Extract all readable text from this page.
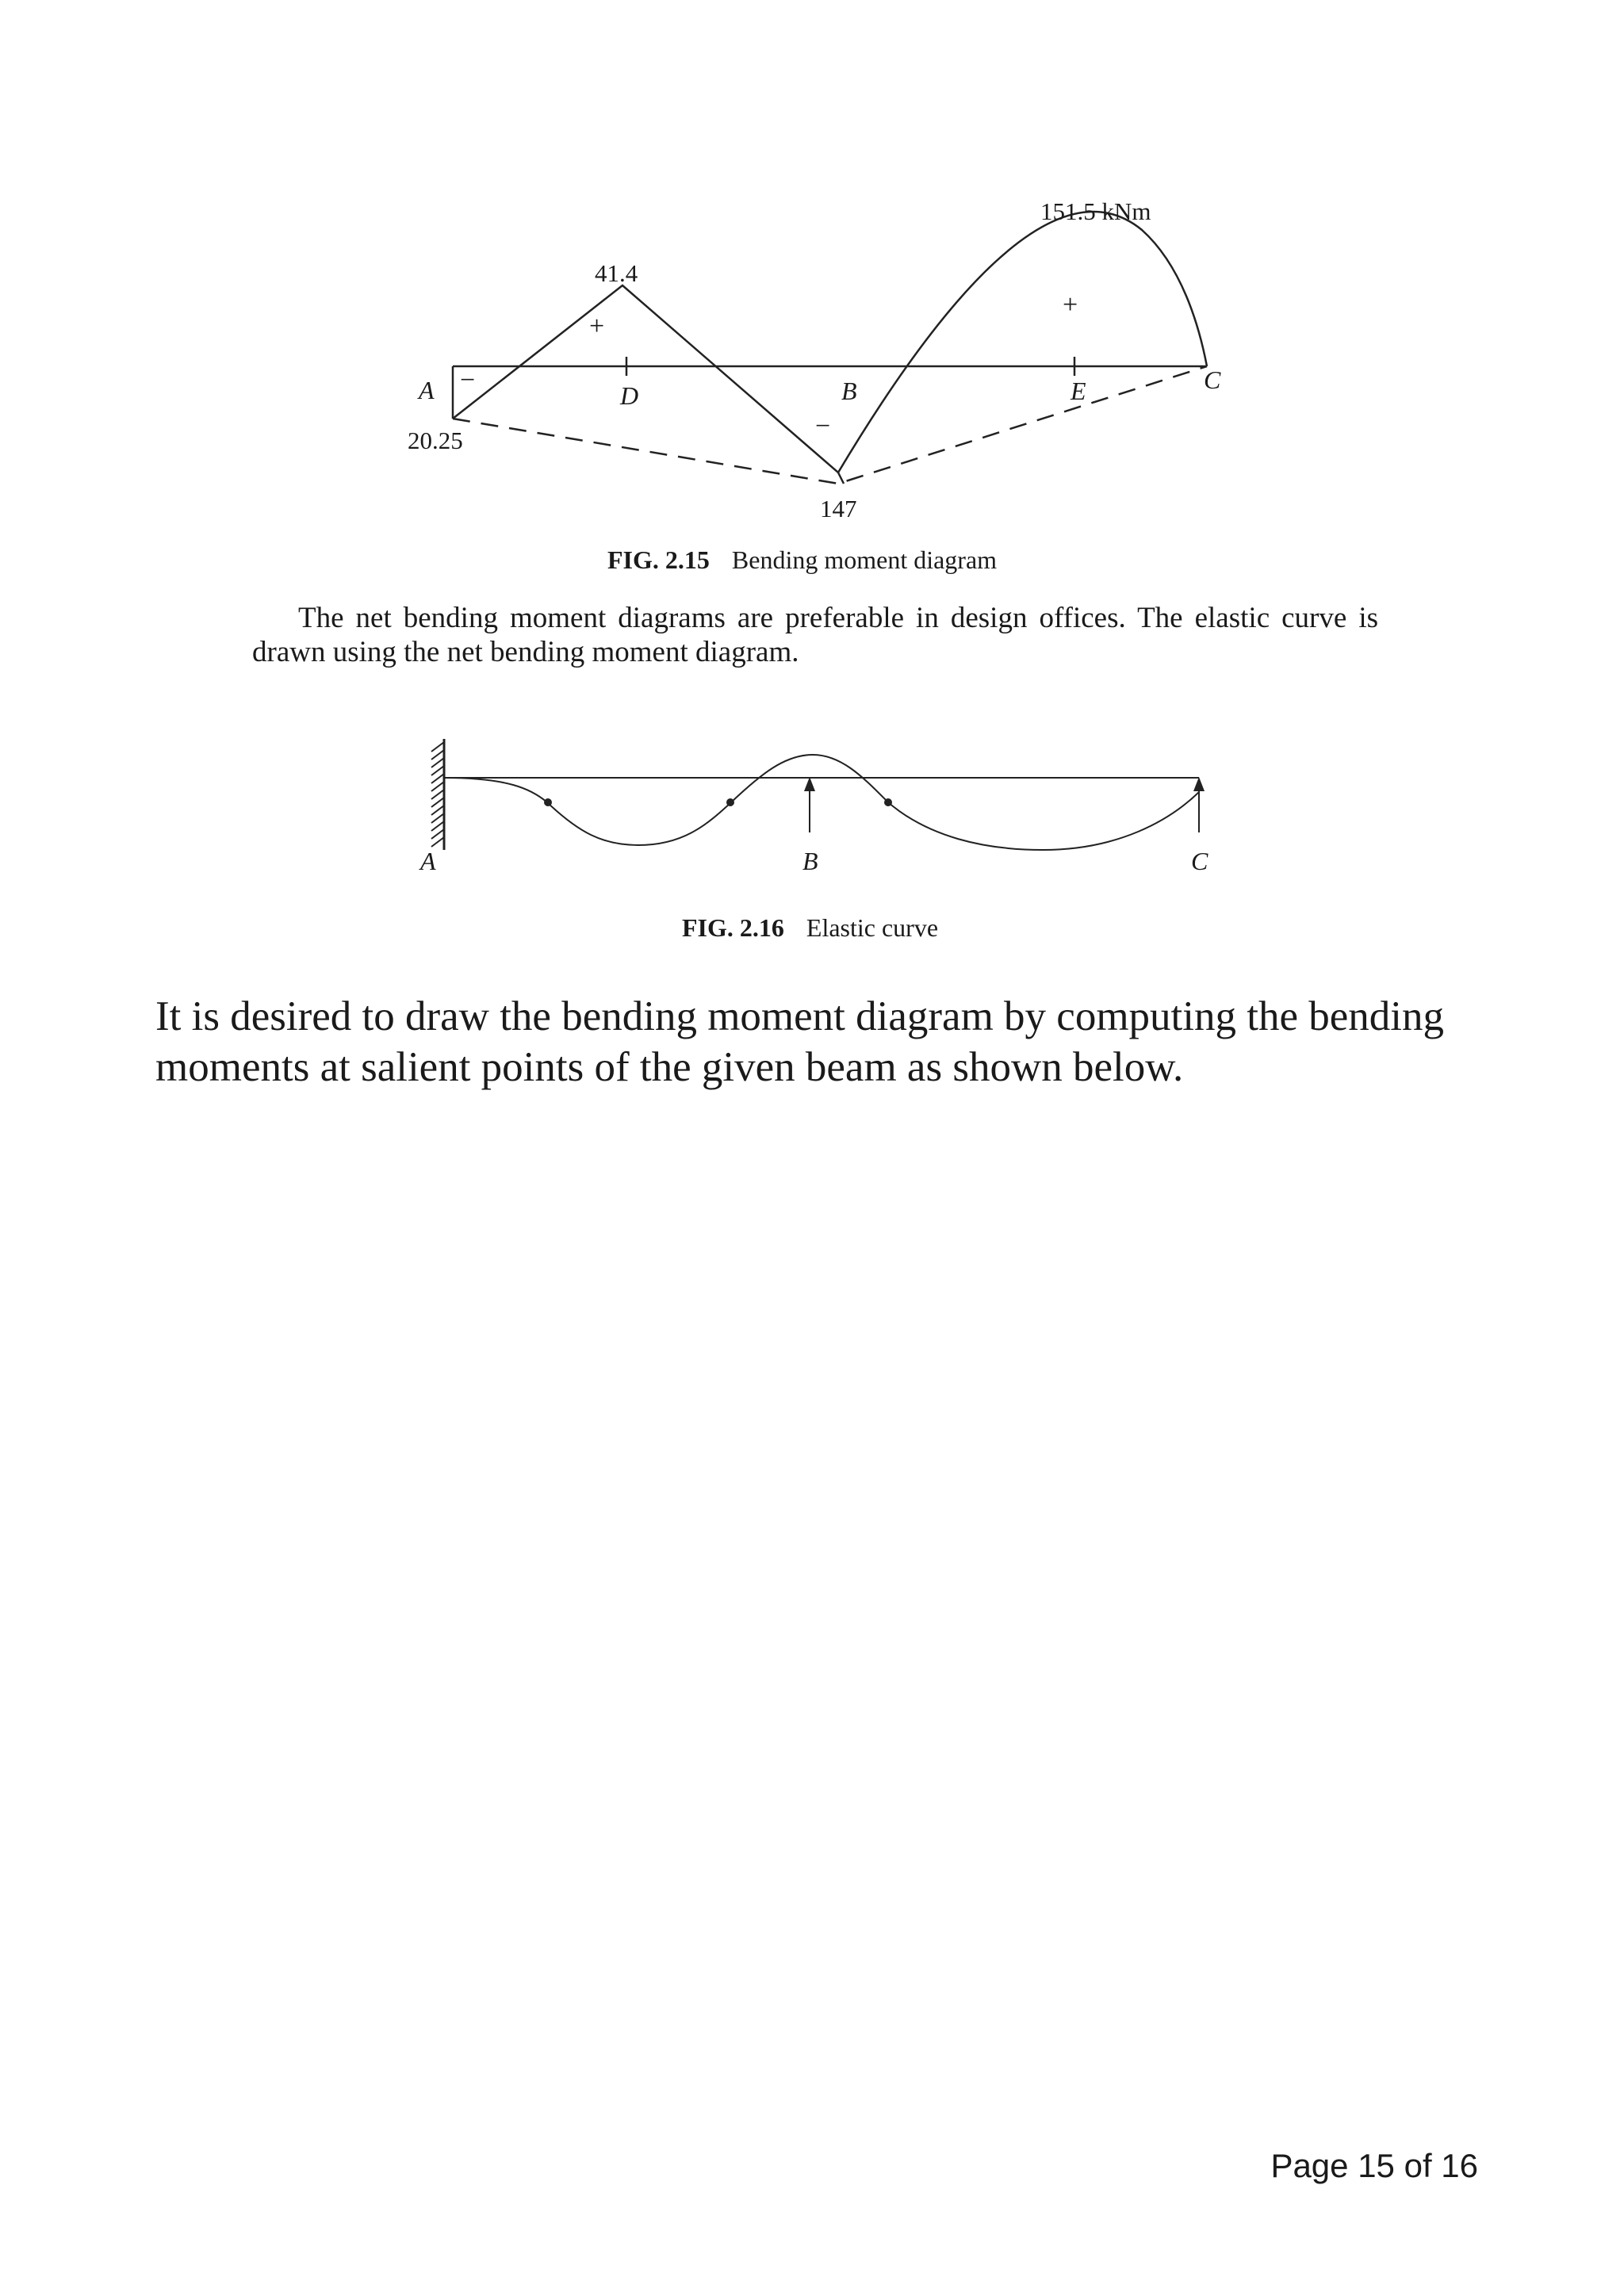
A	D	B	E	C
20.25
41.4
147
151.5 kNm
+
+
−
−
FIG. 2.15 Bending moment diagram
The net bending moment diagrams are preferable in design offices. The elastic curve is drawn using the net bending moment diagram.
A	B	C
FIG. 2.16 Elastic curve
It is desired to draw the bending moment diagram by computing the bending moments at salient points of the given beam as shown below.
Page 15 of 16
